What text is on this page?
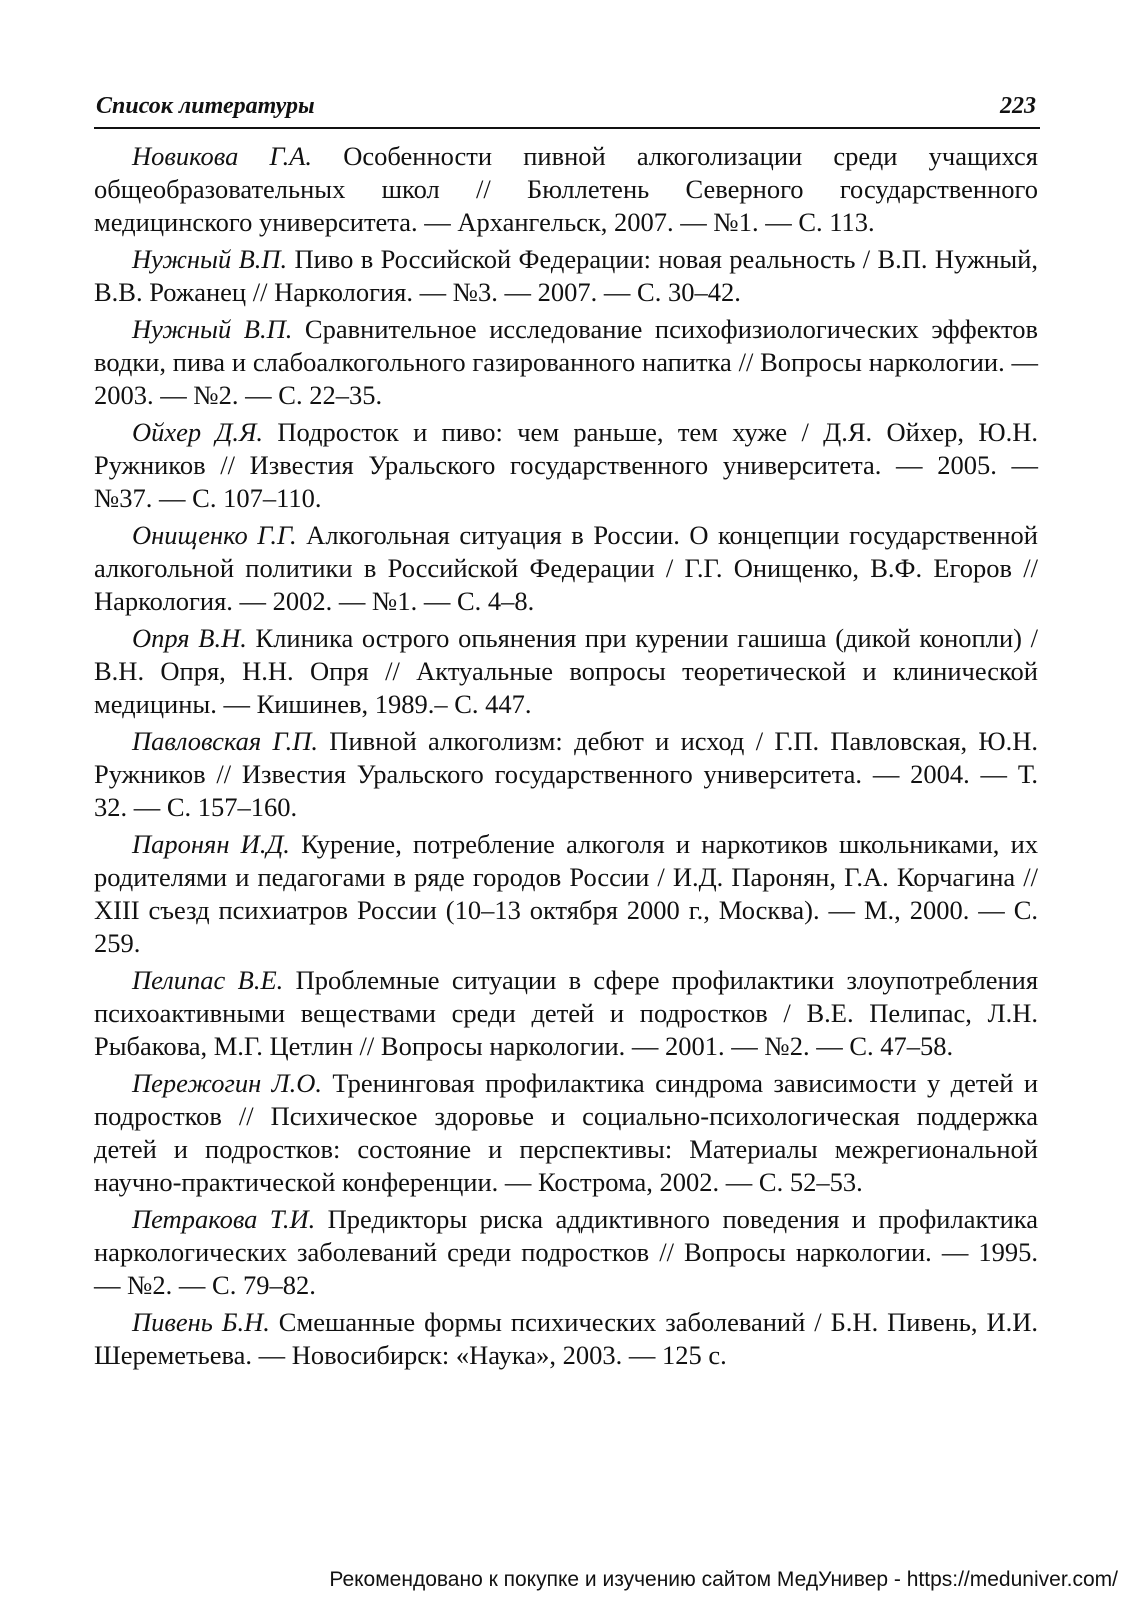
Список литературы	223

Новикова Г.А. Особенности пивной алкоголизации среди учащихся общеобразовательных школ // Бюллетень Северного государственного медицинского университета. — Архангельск, 2007. — №1. — С. 113.

Нужный В.П. Пиво в Российской Федерации: новая реальность / В.П. Нужный, В.В. Рожанец // Наркология. — №3. — 2007. — С. 30–42.

Нужный В.П. Сравнительное исследование психофизиологических эффектов водки, пива и слабоалкогольного газированного напитка // Вопросы наркологии. — 2003. — №2. — С. 22–35.

Ойхер Д.Я. Подросток и пиво: чем раньше, тем хуже / Д.Я. Ойхер, Ю.Н. Ружников // Известия Уральского государственного университета. — 2005. — №37. — С. 107–110.

Онищенко Г.Г. Алкогольная ситуация в России. О концепции государственной алкогольной политики в Российской Федерации / Г.Г. Онищенко, В.Ф. Егоров // Наркология. — 2002. — №1. — С. 4–8.

Опря В.Н. Клиника острого опьянения при курении гашиша (дикой конопли) / В.Н. Опря, Н.Н. Опря // Актуальные вопросы теоретической и клинической медицины. — Кишинев, 1989.– С. 447.

Павловская Г.П. Пивной алкоголизм: дебют и исход / Г.П. Павловская, Ю.Н. Ружников // Известия Уральского государственного университета. — 2004. — Т. 32. — С. 157–160.

Паронян И.Д. Курение, потребление алкоголя и наркотиков школьниками, их родителями и педагогами в ряде городов России / И.Д. Паронян, Г.А. Корчагина // XIII съезд психиатров России (10–13 октября 2000 г., Москва). — М., 2000. — С. 259.

Пелипас В.Е. Проблемные ситуации в сфере профилактики злоупотребления психоактивными веществами среди детей и подростков / В.Е. Пелипас, Л.Н. Рыбакова, М.Г. Цетлин // Вопросы наркологии. — 2001. — №2. — С. 47–58.

Пережогин Л.О. Тренинговая профилактика синдрома зависимости у детей и подростков // Психическое здоровье и социально-психологическая поддержка детей и подростков: состояние и перспективы: Материалы межрегиональной научно-практической конференции. — Кострома, 2002. — С. 52–53.

Петракова Т.И. Предикторы риска аддиктивного поведения и профилактика наркологических заболеваний среди подростков // Вопросы наркологии. — 1995. — №2. — С. 79–82.

Пивень Б.Н. Смешанные формы психических заболеваний / Б.Н. Пивень, И.И. Шереметьева. — Новосибирск: «Наука», 2003. — 125 с.

Рекомендовано к покупке и изучению сайтом МедУнивер - https://meduniver.com/
